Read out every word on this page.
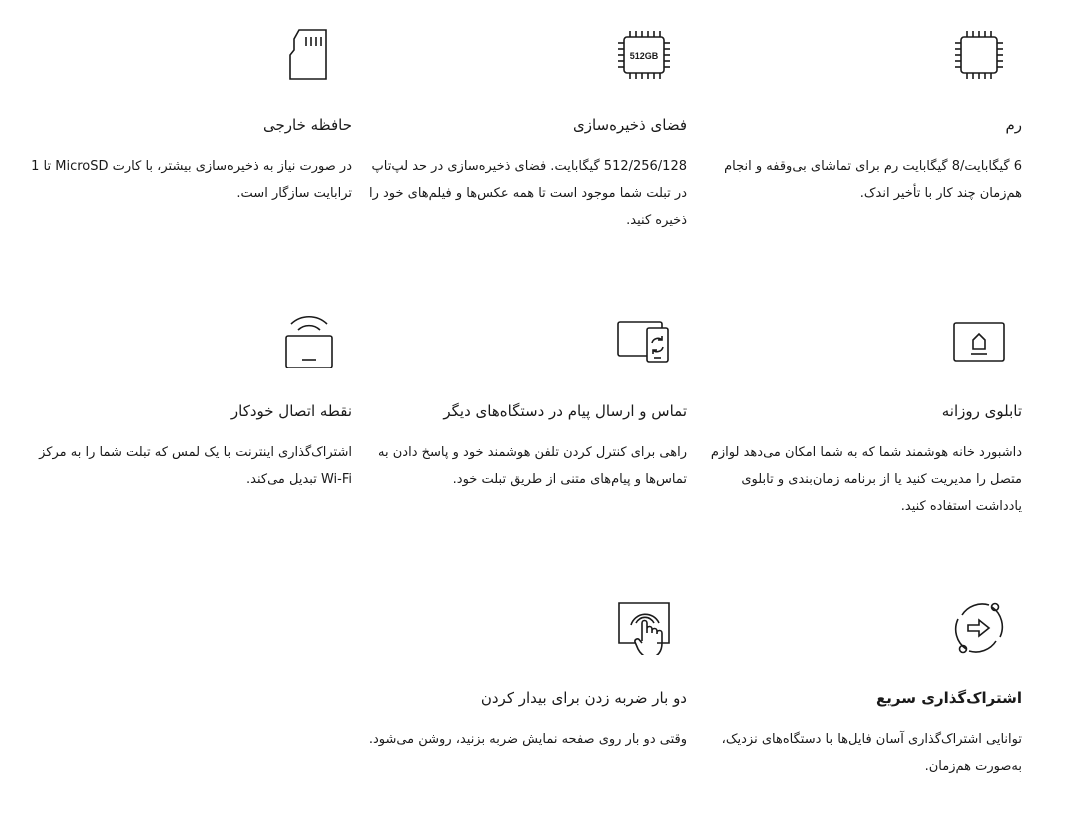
رم
6 گیگابایت/8 گیگابایت رم برای تماشای بی‌وقفه و انجام هم‌زمان چند کار با تأخیر اندک.
512GB
فضای ذخیره‌سازی
512/256/128 گیگابایت. فضای ذخیره‌سازی در حد لپ‌تاپ در تبلت شما موجود است تا همه عکس‌ها و فیلم‌های خود را ذخیره کنید.
حافظه خارجی
در صورت نیاز به ذخیره‌سازی بیشتر، با کارت MicroSD تا 1 ترابایت سازگار است.
تابلوی روزانه
داشبورد خانه هوشمند شما که به شما امکان می‌دهد لوازم متصل را مدیریت کنید یا از برنامه زمان‌بندی و تابلوی یادداشت استفاده کنید.
تماس و ارسال پیام در دستگاه‌های دیگر
راهی برای کنترل کردن تلفن هوشمند خود و پاسخ دادن به تماس‌ها و پیام‌های متنی از طریق تبلت خود.
نقطه اتصال خودکار
اشتراک‌گذاری اینترنت با یک لمس که تبلت شما را به مرکز Wi-Fi تبدیل می‌کند.
اشتراک‌گذاری سریع
توانایی اشتراک‌گذاری آسان فایل‌ها با دستگاه‌های نزدیک، به‌صورت هم‌زمان.
دو بار ضربه زدن برای بیدار کردن
وقتی دو بار روی صفحه نمایش ضربه بزنید، روشن می‌شود.
